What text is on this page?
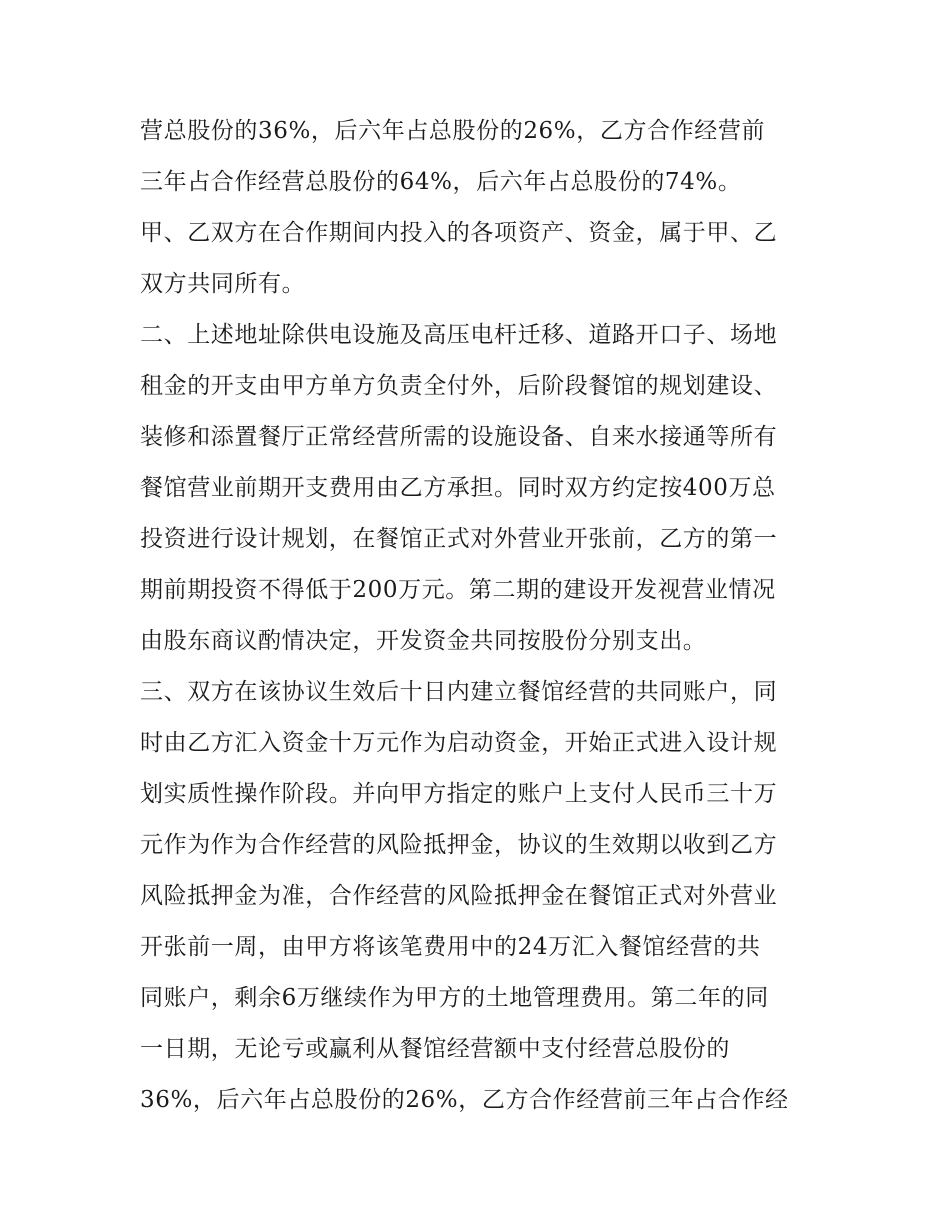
营总股份的36%，后六年占总股份的26%，乙方合作经营前
三年占合作经营总股份的64%，后六年占总股份的74%。
甲、乙双方在合作期间内投入的各项资产、资金，属于甲、乙
双方共同所有。
二、上述地址除供电设施及高压电杆迁移、道路开口子、场地
租金的开支由甲方单方负责全付外，后阶段餐馆的规划建设、
装修和添置餐厅正常经营所需的设施设备、自来水接通等所有
餐馆营业前期开支费用由乙方承担。同时双方约定按400万总
投资进行设计规划，在餐馆正式对外营业开张前，乙方的第一
期前期投资不得低于200万元。第二期的建设开发视营业情况
由股东商议酌情决定，开发资金共同按股份分别支出。
三、双方在该协议生效后十日内建立餐馆经营的共同账户，同
时由乙方汇入资金十万元作为启动资金，开始正式进入设计规
划实质性操作阶段。并向甲方指定的账户上支付人民币三十万
元作为作为合作经营的风险抵押金，协议的生效期以收到乙方
风险抵押金为准，合作经营的风险抵押金在餐馆正式对外营业
开张前一周，由甲方将该笔费用中的24万汇入餐馆经营的共
同账户，剩余6万继续作为甲方的土地管理费用。第二年的同
一日期，无论亏或赢利从餐馆经营额中支付经营总股份的
36%，后六年占总股份的26%，乙方合作经营前三年占合作经
